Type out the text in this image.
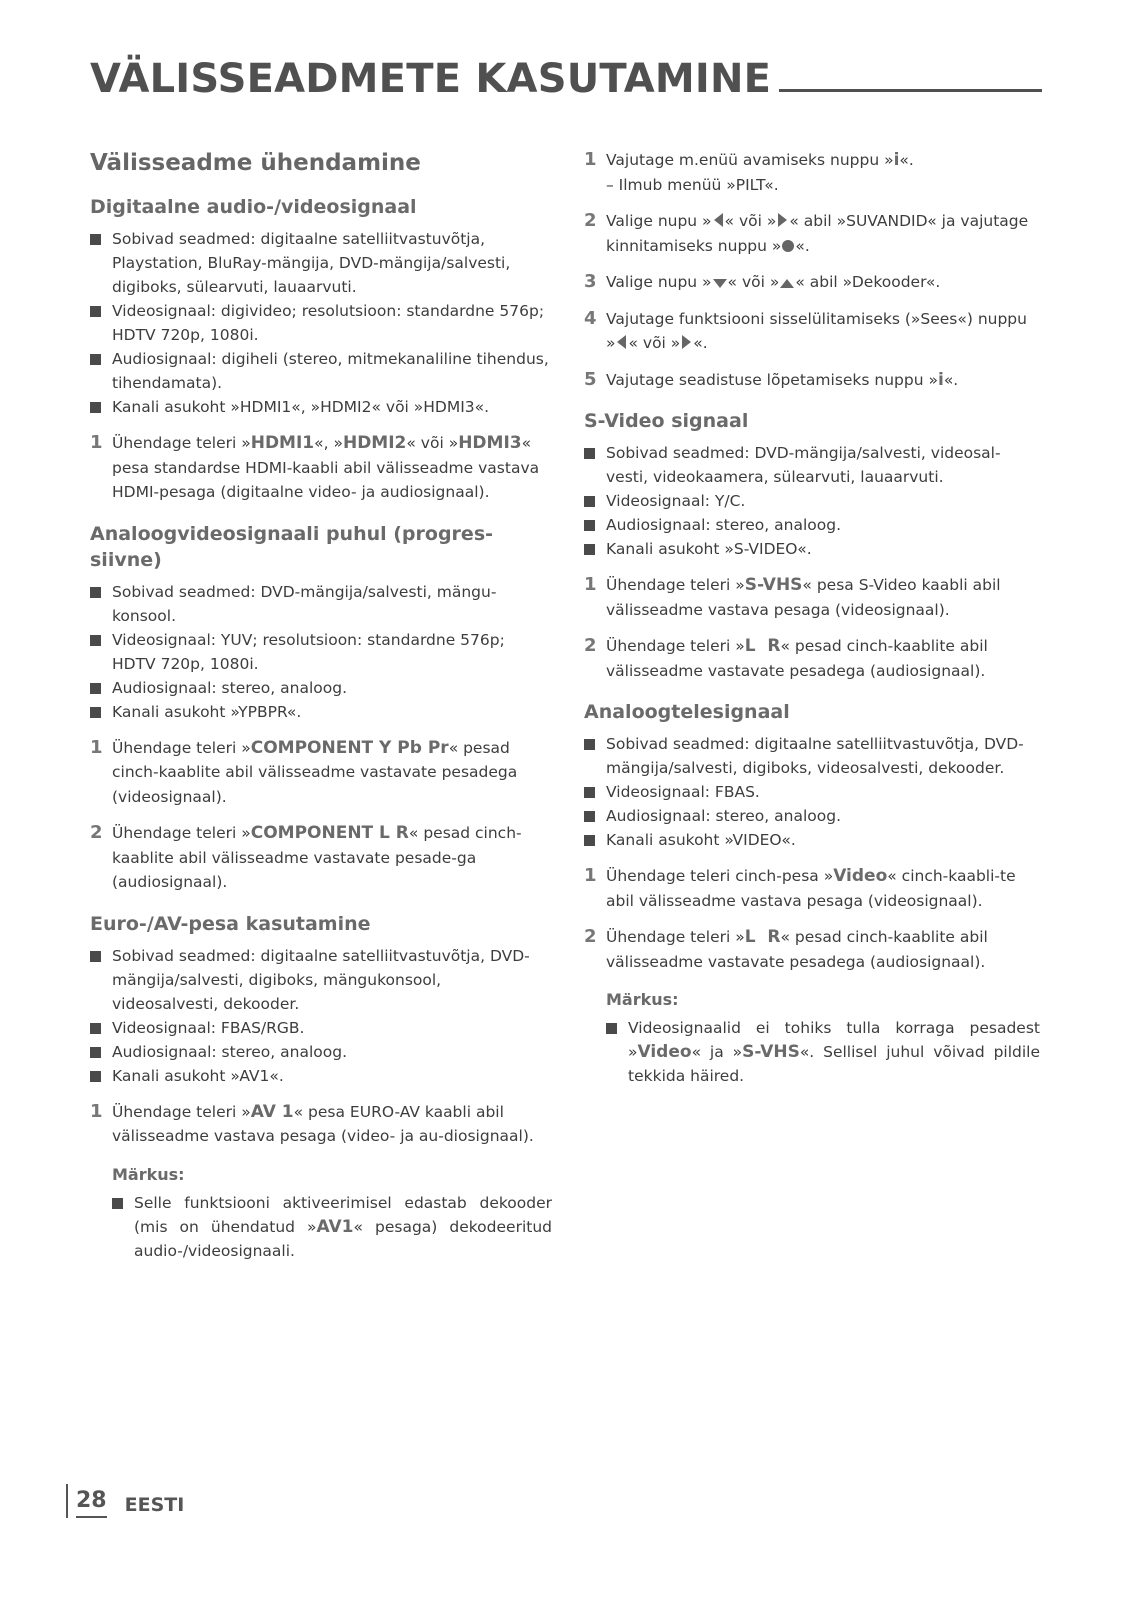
VÄLISSEADMETE KASUTAMINE
Välisseadme ühendamine
Digitaalne audio-/videosignaal
Sobivad seadmed: digitaalne satelliitvastuvõtja, Playstation, BluRay-mängija, DVD-mängija/salvesti, digiboks, sülearvuti, lauaarvuti.
Videosignaal: digivideo; resolutsioon: standardne 576p; HDTV 720p, 1080i.
Audiosignaal: digiheli (stereo, mitmekanaliline tihendus, tihendamata).
Kanali asukoht »HDMI1«, »HDMI2« või »HDMI3«.
1 Ühendage teleri »HDMI1«, »HDMI2« või »HDMI3« pesa standardse HDMI-kaabli abil välisseadme vastava HDMI-pesaga (digitaalne video- ja audiosignaal).
Analoogvideosignaali puhul (progres-siivne)
Sobivad seadmed: DVD-mängija/salvesti, mängu-konsool.
Videosignaal: YUV; resolutsioon: standardne 576p; HDTV 720p, 1080i.
Audiosignaal: stereo, analoog.
Kanali asukoht »YPBPR«.
1 Ühendage teleri »COMPONENT Y Pb Pr« pesad cinch-kaablite abil välisseadme vastavate pesadega (videosignaal).
2 Ühendage teleri »COMPONENT L R« pesad cinch-kaablite abil välisseadme vastavate pesade-ga (audiosignaal).
Euro-/AV-pesa kasutamine
Sobivad seadmed: digitaalne satelliitvastuvõtja, DVD-mängija/salvesti, digiboks, mängukonsool, videosalvesti, dekooder.
Videosignaal: FBAS/RGB.
Audiosignaal: stereo, analoog.
Kanali asukoht »AV1«.
1 Ühendage teleri »AV 1« pesa EURO-AV kaabli abil välisseadme vastava pesaga (video- ja au-diosignaal).
Märkus:
Selle funktsiooni aktiveerimisel edastab dekooder (mis on ühendatud »AV1« pesaga) dekodeeritud audio-/videosignaali.
1 Vajutage m.enüü avamiseks nuppu »i«.
– Ilmub menüü »PILT«.
2 Valige nupu » « või » « abil »SUVANDID« ja vajutage kinnitamiseks nuppu » «.
3 Valige nupu » « või » « abil »Dekooder«.
4 Vajutage funktsiooni sisselülitamiseks (»Sees«) nuppu » « või » «.
5 Vajutage seadistuse lõpetamiseks nuppu »i«.
S-Video signaal
Sobivad seadmed: DVD-mängija/salvesti, videosal-vesti, videokaamera, sülearvuti, lauaarvuti.
Videosignaal: Y/C.
Audiosignaal: stereo, analoog.
Kanali asukoht »S-VIDEO«.
1 Ühendage teleri »S-VHS« pesa S-Video kaabli abil välisseadme vastava pesaga (videosignaal).
2 Ühendage teleri »L  R« pesad cinch-kaablite abil välisseadme vastavate pesadega (audiosignaal).
Analoogtelesignaal
Sobivad seadmed: digitaalne satelliitvastuvõtja, DVD-mängija/salvesti, digiboks, videosalvesti, dekooder.
Videosignaal: FBAS.
Audiosignaal: stereo, analoog.
Kanali asukoht »VIDEO«.
1 Ühendage teleri cinch-pesa »Video« cinch-kaabli-te abil välisseadme vastava pesaga (videosignaal).
2 Ühendage teleri »L  R« pesad cinch-kaablite abil välisseadme vastavate pesadega (audiosignaal).
Märkus:
Videosignaalid ei tohiks tulla korraga pesadest »Video« ja »S-VHS«. Sellisel juhul võivad pildile tekkida häired.
28 EESTI
